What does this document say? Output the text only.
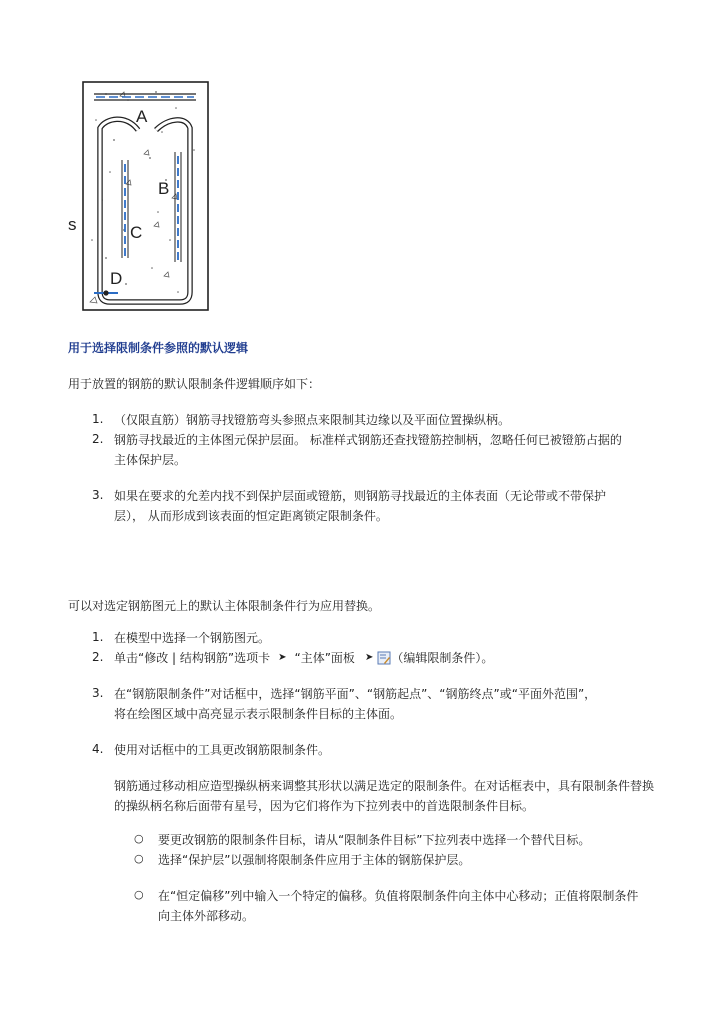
A
B
C
D
s
用于选择限制条件参照的默认逻辑
用于放置的钢筋的默认限制条件逻辑顺序如下：
1. （仅限直筋）钢筋寻找镫筋弯头参照点来限制其边缘以及平面位置操纵柄。
2. 钢筋寻找最近的主体图元保护层面。 标准样式钢筋还查找镫筋控制柄，忽略任何已被镫筋占据的
主体保护层。
3. 如果在要求的允差内找不到保护层面或镫筋，则钢筋寻找最近的主体表面（无论带或不带保护
层）， 从而形成到该表面的恒定距离锁定限制条件。
可以对选定钢筋图元上的默认主体限制条件行为应用替换。
1. 在模型中选择一个钢筋图元。
2. 单击“修改 | 结构钢筋”选项卡 ➤ “主体”面板 ➤ （编辑限制条件）。
3. 在“钢筋限制条件”对话框中，选择“钢筋平面”、“钢筋起点”、“钢筋终点”或“平面外范围”，
将在绘图区域中高亮显示表示限制条件目标的主体面。
4. 使用对话框中的工具更改钢筋限制条件。
钢筋通过移动相应造型操纵柄来调整其形状以满足选定的限制条件。在对话框表中，具有限制条件替换
的操纵柄名称后面带有星号，因为它们将作为下拉列表中的首选限制条件目标。
○ 要更改钢筋的限制条件目标，请从“限制条件目标”下拉列表中选择一个替代目标。
○ 选择“保护层”以强制将限制条件应用于主体的钢筋保护层。
○ 在“恒定偏移”列中输入一个特定的偏移。负值将限制条件向主体中心移动；正值将限制条件
向主体外部移动。
